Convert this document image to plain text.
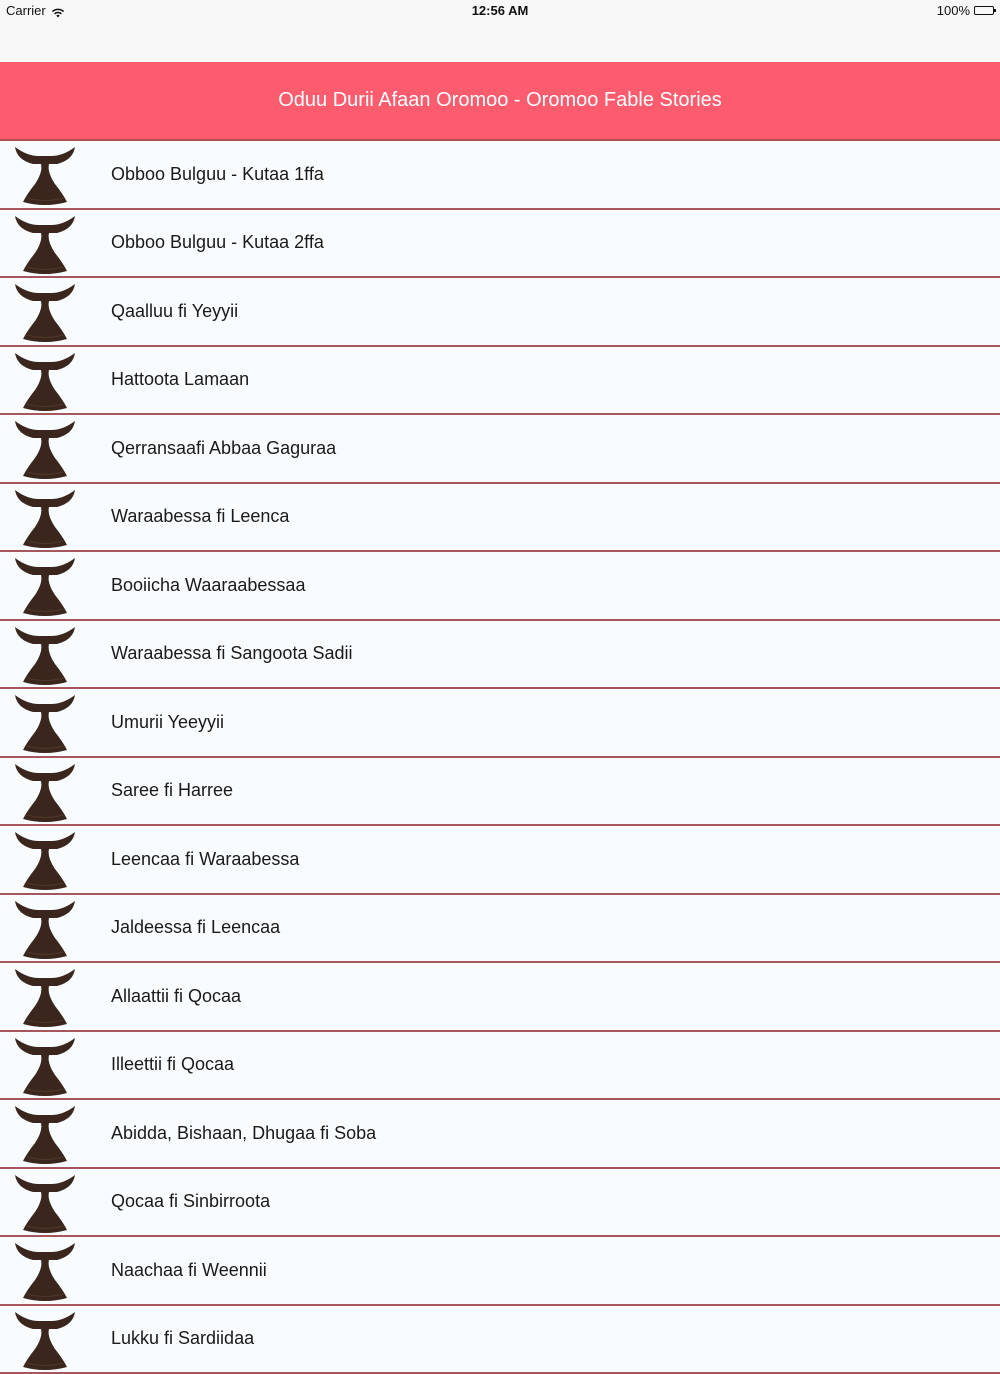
Carrier	12:56 AM	100%
Oduu Durii Afaan Oromoo - Oromoo Fable Stories
Obboo Bulguu - Kutaa 1ffa
Obboo Bulguu - Kutaa 2ffa
Qaalluu fi Yeyyii
Hattoota Lamaan
Qerransaafi Abbaa Gaguraa
Waraabessa fi Leenca
Booiicha Waaraabessaa
Waraabessa fi Sangoota Sadii
Umurii Yeeyyii
Saree fi Harree
Leencaa fi Waraabessa
Jaldeessa fi Leencaa
Allaattii fi Qocaa
Illeettii fi Qocaa
Abidda, Bishaan, Dhugaa fi Soba
Qocaa fi Sinbirroota
Naachaa fi Weennii
Lukku fi Sardiidaa
